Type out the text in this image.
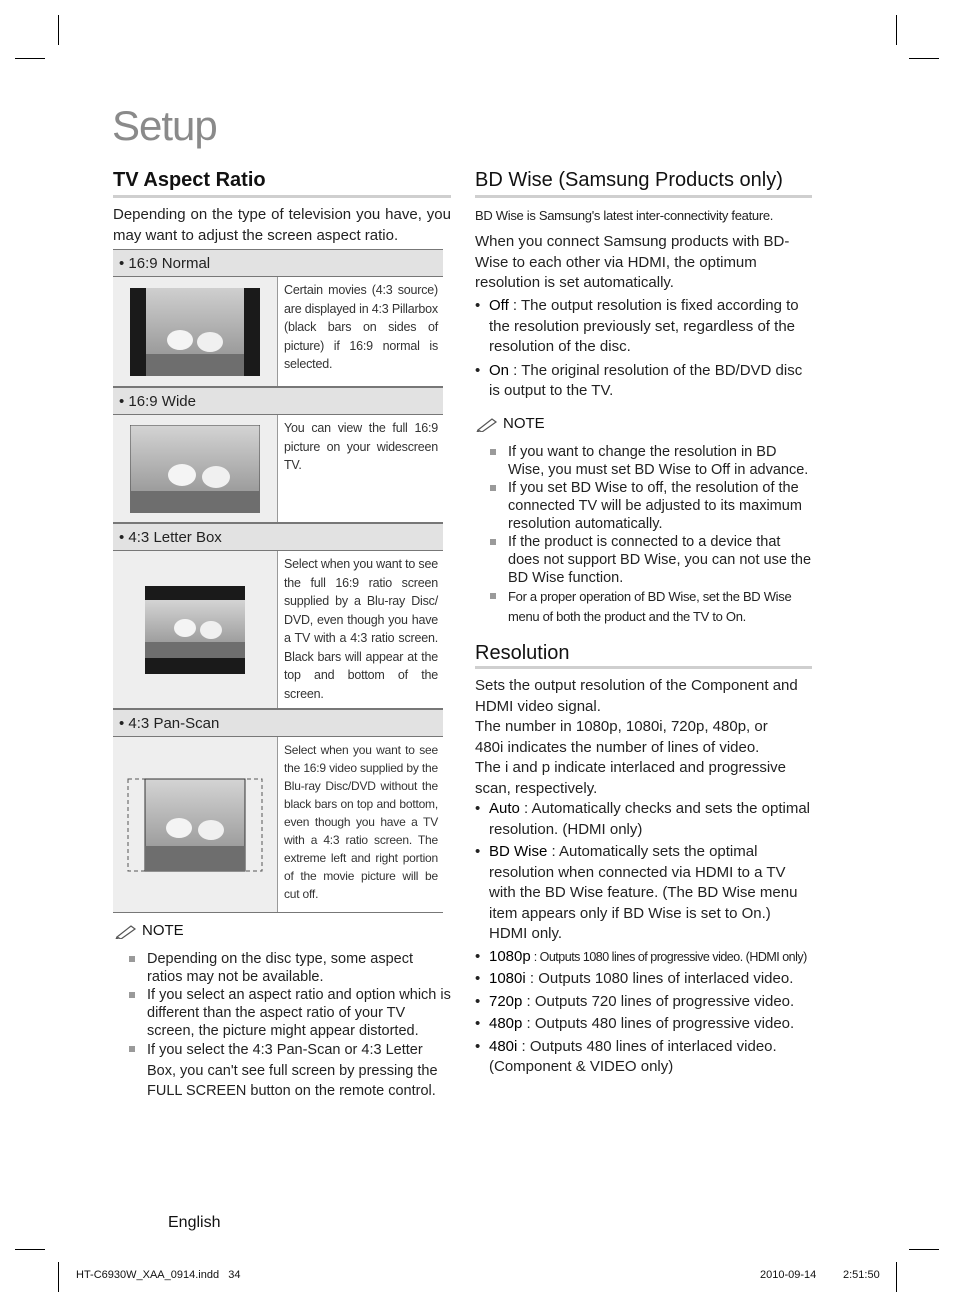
Setup
TV Aspect Ratio
Depending on the type of television you have, you may want to adjust the screen aspect ratio.
• 16:9 Normal
Certain movies (4:3 source) are displayed in 4:3 Pillarbox (black bars on sides of picture) if 16:9 normal is selected.
• 16:9 Wide
You can view the full 16:9 picture on your widescreen TV.
• 4:3 Letter Box
Select when you want to see the full 16:9 ratio screen supplied by a Blu-ray Disc/ DVD, even though you have a TV with a 4:3 ratio screen. Black bars will appear at the top and bottom of the screen.
• 4:3 Pan-Scan
Select when you want to see the 16:9 video supplied by the Blu-ray Disc/DVD without the black bars on top and bottom, even though you have a TV with a 4:3 ratio screen. The extreme left and right portion of the movie picture will be cut off.
NOTE
Depending on the disc type, some aspect ratios may not be available.
If you select an aspect ratio and option which is different than the aspect ratio of your TV screen, the picture might appear distorted.
If you select the 4:3 Pan-Scan or 4:3 Letter Box, you can't see full screen by pressing the FULL SCREEN button on the remote control.
BD Wise (Samsung Products only)
BD Wise is Samsung's latest inter-connectivity feature.
When you connect Samsung products with BD-Wise to each other via HDMI, the optimum resolution is set automatically.
• Off : The output resolution is fixed according to the resolution previously set, regardless of the resolution of the disc.
• On : The original resolution of the BD/DVD disc is output to the TV.
NOTE
If you want to change the resolution in BD Wise, you must set BD Wise to Off in advance.
If you set BD Wise to off, the resolution of the connected TV will be adjusted to its maximum resolution automatically.
If the product is connected to a device that does not support BD Wise, you can not use the BD Wise function.
For a proper operation of BD Wise, set the BD Wise menu of both the product and the TV to On.
Resolution
Sets the output resolution of the Component and HDMI video signal.
The number in 1080p, 1080i, 720p, 480p, or 480i indicates the number of lines of video.
The i and p indicate interlaced and progressive scan, respectively.
• Auto : Automatically checks and sets the optimal resolution. (HDMI only)
• BD Wise : Automatically sets the optimal resolution when connected via HDMI to a TV with the BD Wise feature. (The BD Wise menu item appears only if BD Wise is set to On.) HDMI only.
• 1080p : Outputs 1080 lines of progressive video. (HDMI only)
• 1080i : Outputs 1080 lines of interlaced video.
• 720p : Outputs 720 lines of progressive video.
• 480p : Outputs 480 lines of progressive video.
• 480i : Outputs 480 lines of interlaced video. (Component & VIDEO only)
English
HT-C6930W_XAA_0914.indd   34	2010-09-14 2:51:50
